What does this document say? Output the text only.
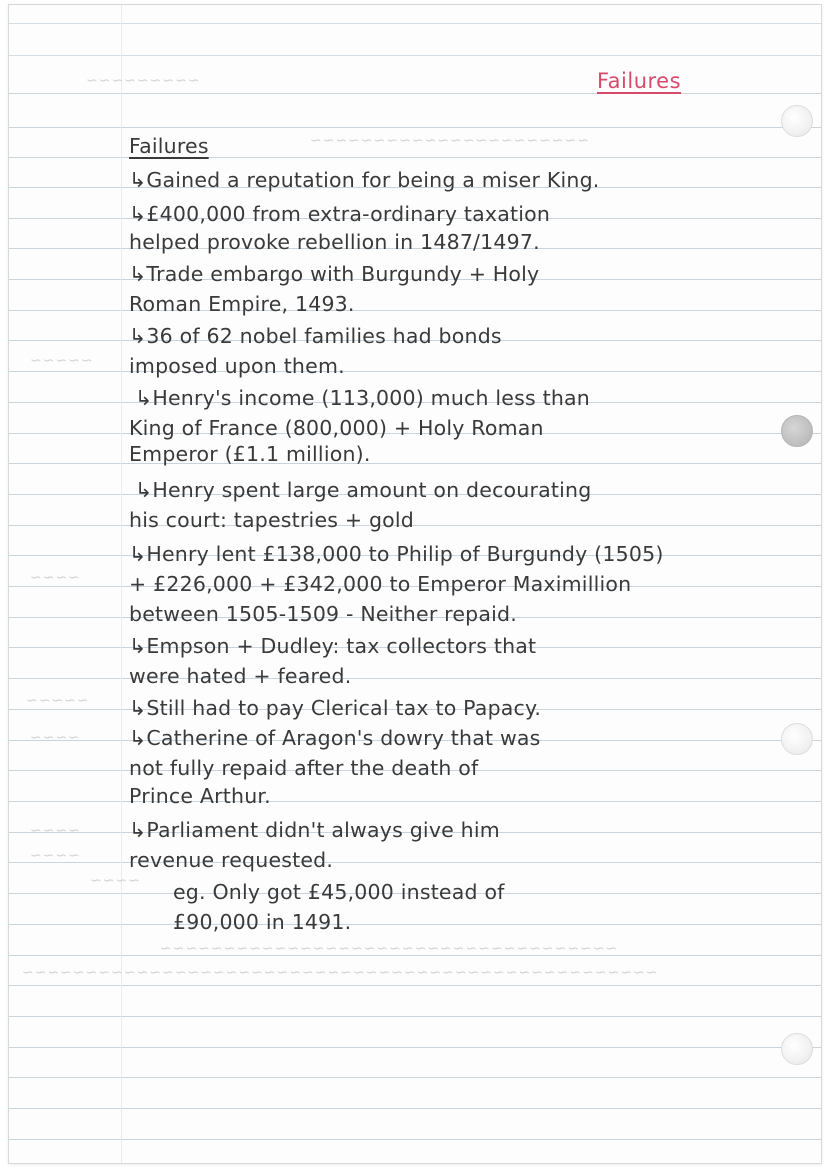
~~~~~~~~~
~~~~~~~~~~~~~~~~~~~~~~
~~~~~
~~~~
~~~~~
~~~~
~~~~
~~~~
~~~~
~~~~~~~~~~~~~~~~~~~~~~~~~~~~~~~~~~~~
~~~~~~~~~~~~~~~~~~~~~~~~~~~~~~~~~~~~~~~~~~~~~~~~~~
Failures
Failures
↳Gained a reputation for being a miser King.
↳£400,000 from extra-ordinary taxation
helped provoke rebellion in 1487/1497.
↳Trade embargo with Burgundy + Holy
Roman Empire, 1493.
↳36 of 62 nobel families had bonds
imposed upon them.
↳Henry's income (113,000) much less than
King of France (800,000) + Holy Roman
Emperor (£1.1 million).
↳Henry spent large amount on decourating
his court: tapestries + gold
↳Henry lent £138,000 to Philip of Burgundy (1505)
+ £226,000 + £342,000 to Emperor Maximillion
between 1505-1509 - Neither repaid.
↳Empson + Dudley: tax collectors that
were hated + feared.
↳Still had to pay Clerical tax to Papacy.
↳Catherine of Aragon's dowry that was
not fully repaid after the death of
Prince Arthur.
↳Parliament didn't always give him
revenue requested.
eg. Only got £45,000 instead of
£90,000 in 1491.
